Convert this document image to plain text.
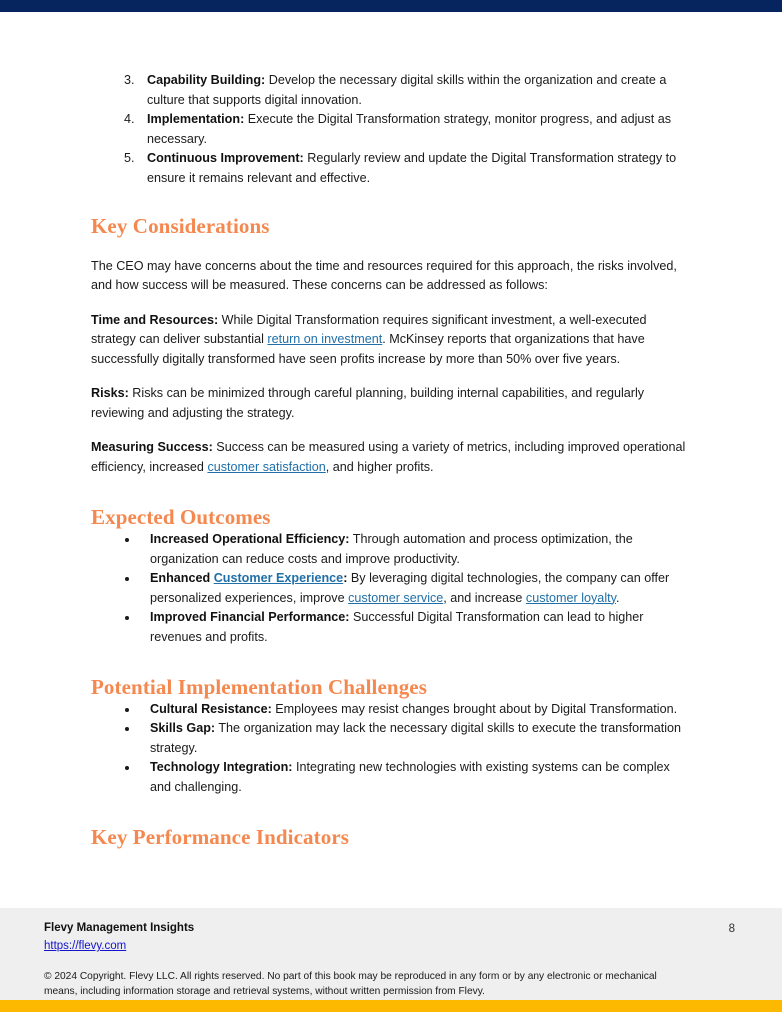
3. Capability Building: Develop the necessary digital skills within the organization and create a culture that supports digital innovation.
4. Implementation: Execute the Digital Transformation strategy, monitor progress, and adjust as necessary.
5. Continuous Improvement: Regularly review and update the Digital Transformation strategy to ensure it remains relevant and effective.
Key Considerations

The CEO may have concerns about the time and resources required for this approach, the risks involved, and how success will be measured. These concerns can be addressed as follows:

Time and Resources: While Digital Transformation requires significant investment, a well-executed strategy can deliver substantial return on investment. McKinsey reports that organizations that have successfully digitally transformed have seen profits increase by more than 50% over five years.

Risks: Risks can be minimized through careful planning, building internal capabilities, and regularly reviewing and adjusting the strategy.

Measuring Success: Success can be measured using a variety of metrics, including improved operational efficiency, increased customer satisfaction, and higher profits.

Expected Outcomes
• Increased Operational Efficiency: Through automation and process optimization, the organization can reduce costs and improve productivity.
• Enhanced Customer Experience: By leveraging digital technologies, the company can offer personalized experiences, improve customer service, and increase customer loyalty.
• Improved Financial Performance: Successful Digital Transformation can lead to higher revenues and profits.
Potential Implementation Challenges
• Cultural Resistance: Employees may resist changes brought about by Digital Transformation.
• Skills Gap: The organization may lack the necessary digital skills to execute the transformation strategy.
• Technology Integration: Integrating new technologies with existing systems can be complex and challenging.
Key Performance Indicators
Flevy Management Insights
https://flevy.com
8
© 2024 Copyright. Flevy LLC. All rights reserved. No part of this book may be reproduced in any form or by any electronic or mechanical means, including information storage and retrieval systems, without written permission from Flevy.
